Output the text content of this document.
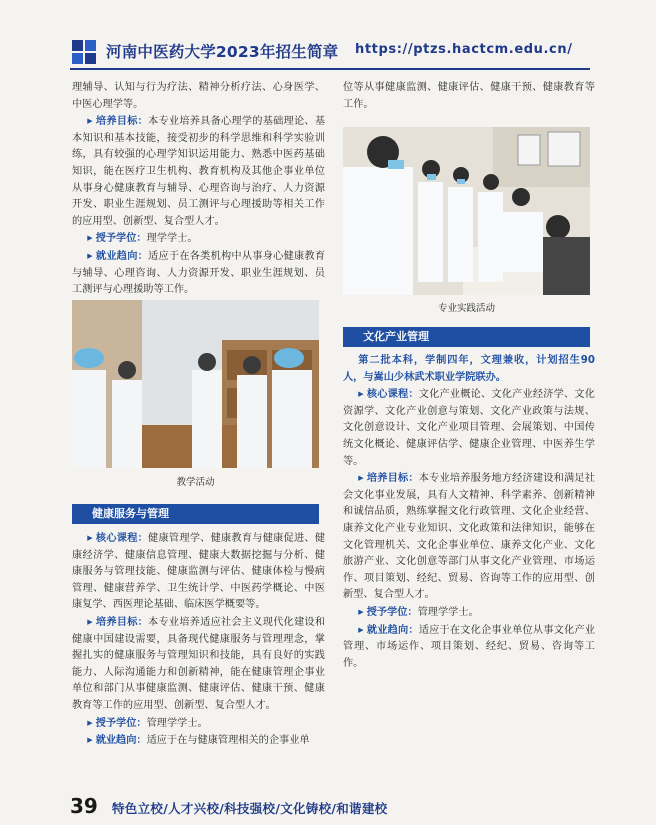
河南中医药大学2023年招生简章 https://ptzs.hactcm.edu.cn/

理辅导、认知与行为疗法、精神分析疗法、心身医学、中医心理学等。

▶ 培养目标：本专业培养具备心理学的基础理论、基本知识和基本技能，接受初步的科学思维和科学实验训练，具有较强的心理学知识运用能力、熟悉中医药基础知识，能在医疗卫生机构、教育机构及其他企事业单位从事身心健康教育与辅导、心理咨询与治疗、人力资源开发、职业生涯规划、员工测评与心理援助等相关工作的应用型、创新型、复合型人才。

▶ 授予学位：理学学士。

▶ 就业趋向：适应于在各类机构中从事身心健康教育与辅导、心理咨询、人力资源开发、职业生涯规划、员工测评与心理援助等工作。

教学活动
健康服务与管理

▶ 核心课程：健康管理学、健康教育与健康促进、健康经济学、健康信息管理、健康大数据挖掘与分析、健康服务与管理技能、健康监测与评估、健康体检与慢病管理、健康营养学、卫生统计学、中医药学概论、中医康复学、西医理论基础、临床医学概要等。

▶ 培养目标：本专业培养适应社会主义现代化建设和健康中国建设需要，具备现代健康服务与管理理念，掌握扎实的健康服务与管理知识和技能，具有良好的实践能力、人际沟通能力和创新精神，能在健康管理企事业单位和部门从事健康监测、健康评估、健康干预、健康教育等工作的应用型、创新型、复合型人才。

▶ 授予学位：管理学学士。

▶ 就业趋向：适应于在与健康管理相关的企事业单

位等从事健康监测、健康评估、健康干预、健康教育等工作。

专业实践活动
文化产业管理

第二批本科，学制四年，文理兼收，计划招生90人，与嵩山少林武术职业学院联办。

▶ 核心课程：文化产业概论、文化产业经济学、文化资源学、文化产业创意与策划、文化产业政策与法规、文化创意设计、文化产业项目管理、会展策划、中国传统文化概论、健康评估学、健康企业管理、中医养生学等。

▶ 培养目标：本专业培养服务地方经济建设和满足社会文化事业发展，具有人文精神、科学素养、创新精神和诚信品质，熟练掌握文化行政管理、文化企业经营、康养文化产业专业知识、文化政策和法律知识，能够在文化管理机关、文化企事业单位、康养文化产业、文化旅游产业、文化创意等部门从事文化产业管理、市场运作、项目策划、经纪、贸易、咨询等工作的应用型、创新型、复合型人才。

▶ 授予学位：管理学学士。

▶ 就业趋向：适应于在文化企事业单位从事文化产业管理、市场运作、项目策划、经纪、贸易、咨询等工作。

39 特色立校/人才兴校/科技强校/文化铸校/和谐建校
